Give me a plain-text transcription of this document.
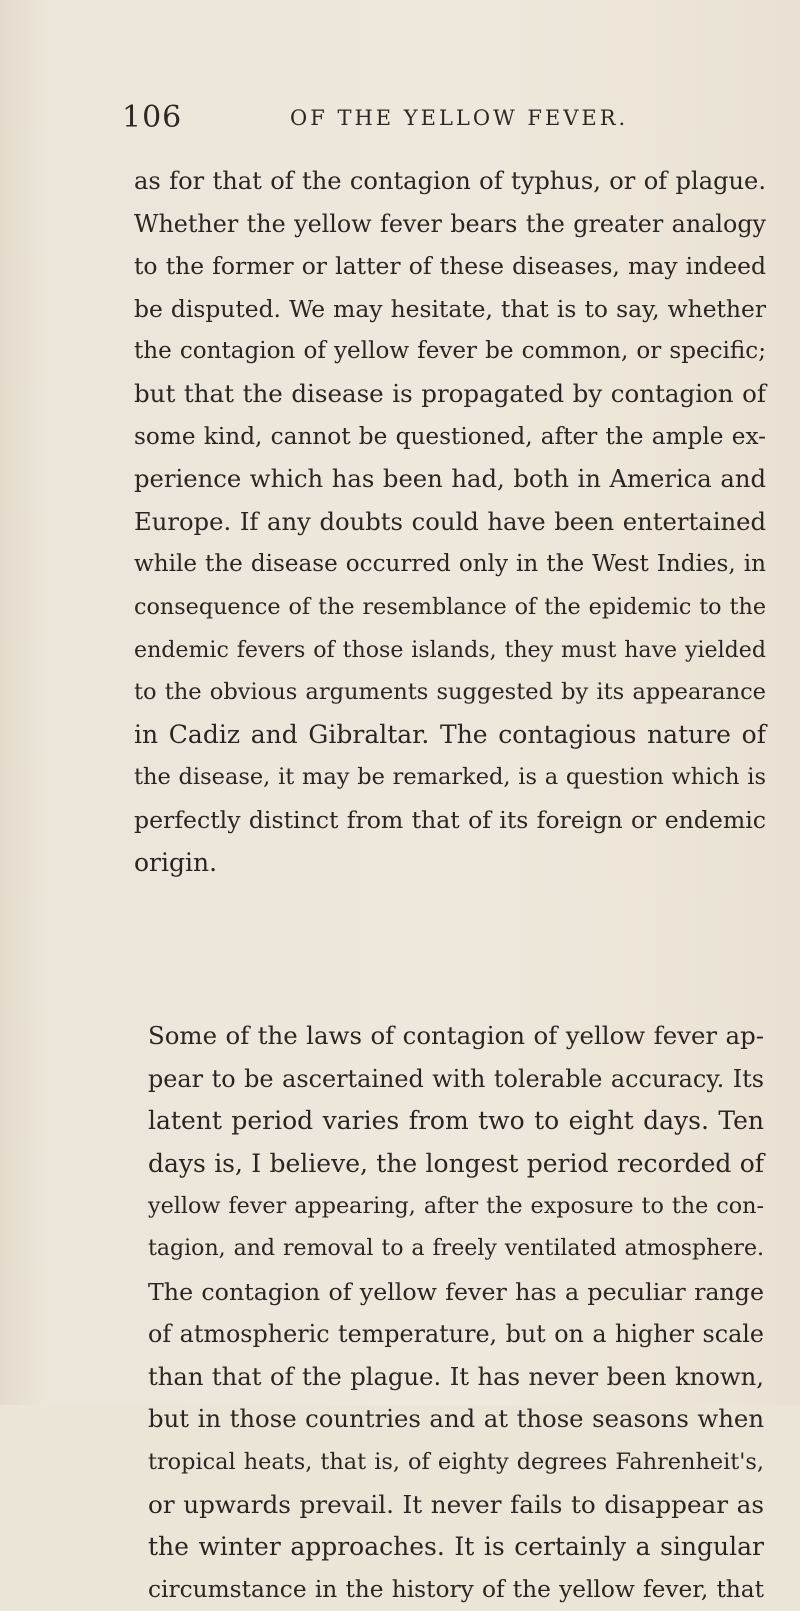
106	OF THE YELLOW FEVER.
as for that of the contagion of typhus, or of plague.
Whether the yellow fever bears the greater analogy
to the former or latter of these diseases, may indeed
be disputed. We may hesitate, that is to say, whether
the contagion of yellow fever be common, or specific;
but that the disease is propagated by contagion of
some kind, cannot be questioned, after the ample ex-
perience which has been had, both in America and
Europe. If any doubts could have been entertained
while the disease occurred only in the West Indies, in
consequence of the resemblance of the epidemic to the
endemic fevers of those islands, they must have yielded
to the obvious arguments suggested by its appearance
in Cadiz and Gibraltar. The contagious nature of
the disease, it may be remarked, is a question which is
perfectly distinct from that of its foreign or endemic
origin.
Some of the laws of contagion of yellow fever ap-
pear to be ascertained with tolerable accuracy. Its
latent period varies from two to eight days. Ten
days is, I believe, the longest period recorded of
yellow fever appearing, after the exposure to the con-
tagion, and removal to a freely ventilated atmosphere.
The contagion of yellow fever has a peculiar range
of atmospheric temperature, but on a higher scale
than that of the plague. It has never been known,
but in those countries and at those seasons when
tropical heats, that is, of eighty degrees Fahrenheit's,
or upwards prevail. It never fails to disappear as
the winter approaches. It is certainly a singular
circumstance in the history of the yellow fever, that
